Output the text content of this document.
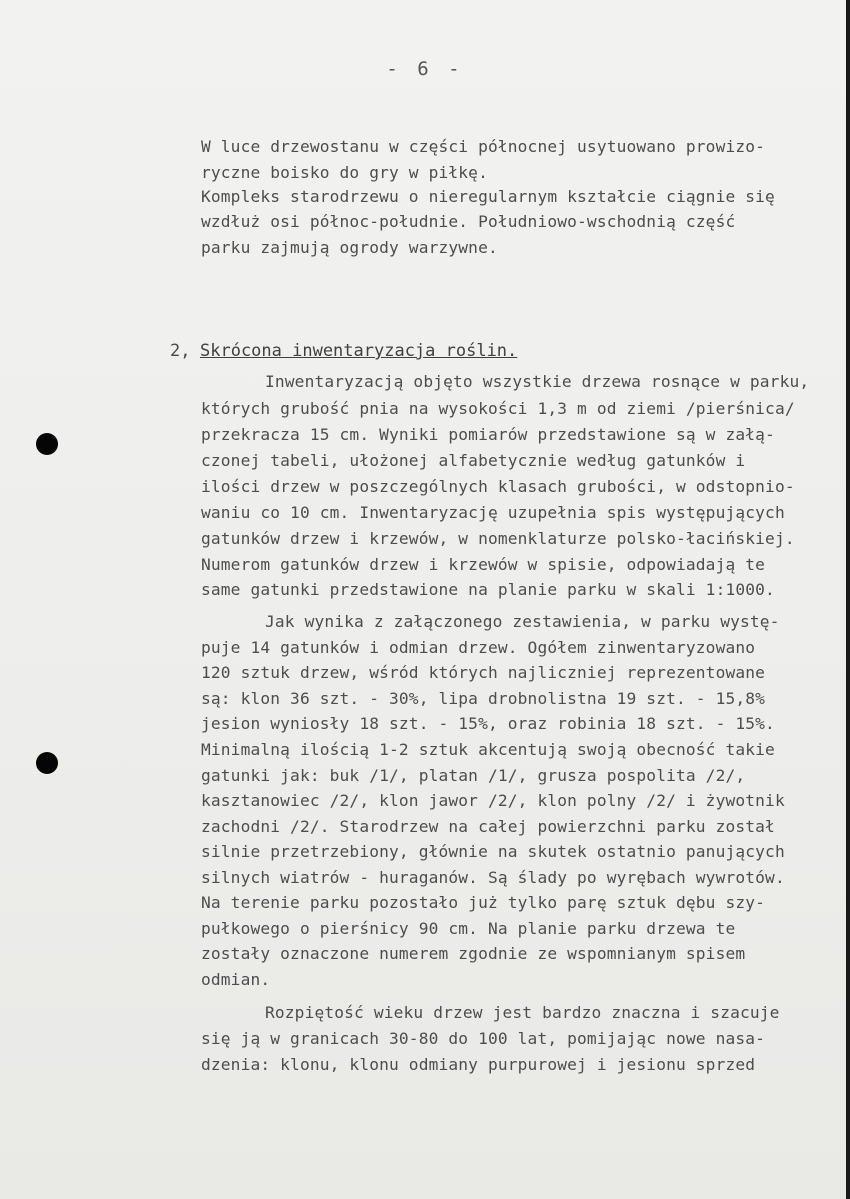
- 6 -
W luce drzewostanu w części północnej usytuowano prowizo-
ryczne boisko do gry w piłkę.
Kompleks starodrzewu o nieregularnym kształcie ciągnie się
wzdłuż osi północ-południe. Południowo-wschodnią część
parku zajmują ogrody warzywne.
2, Skrócona inwentaryzacja roślin.
Inwentaryzacją objęto wszystkie drzewa rosnące w parku,
których grubość pnia na wysokości 1,3 m od ziemi /pierśnica/
przekracza 15 cm. Wyniki pomiarów przedstawione są w załą-
czonej tabeli, ułożonej alfabetycznie według gatunków i
ilości drzew w poszczególnych klasach grubości, w odstopnio-
waniu co 10 cm. Inwentaryzację uzupełnia spis występujących
gatunków drzew i krzewów, w nomenklaturze polsko-łacińskiej.
Numerom gatunków drzew i krzewów w spisie, odpowiadają te
same gatunki przedstawione na planie parku w skali 1:1000.
Jak wynika z załączonego zestawienia, w parku wystę-
puje 14 gatunków i odmian drzew. Ogółem zinwentaryzowano
120 sztuk drzew, wśród których najliczniej reprezentowane
są: klon 36 szt. - 30%, lipa drobnolistna 19 szt. - 15,8%
jesion wyniosły 18 szt. - 15%, oraz robinia 18 szt. - 15%.
Minimalną ilością 1-2 sztuk akcentują swoją obecność takie
gatunki jak: buk /1/, platan /1/, grusza pospolita /2/,
kasztanowiec /2/, klon jawor /2/, klon polny /2/ i żywotnik
zachodni /2/. Starodrzew na całej powierzchni parku został
silnie przetrzebiony, głównie na skutek ostatnio panujących
silnych wiatrów - huraganów. Są ślady po wyrębach wywrotów.
Na terenie parku pozostało już tylko parę sztuk dębu szy-
pułkowego o pierśnicy 90 cm. Na planie parku drzewa te
zostały oznaczone numerem zgodnie ze wspomnianym spisem
odmian.
Rozpiętość wieku drzew jest bardzo znaczna i szacuje
się ją w granicach 30-80 do 100 lat, pomijając nowe nasa-
dzenia: klonu, klonu odmiany purpurowej i jesionu sprzed
